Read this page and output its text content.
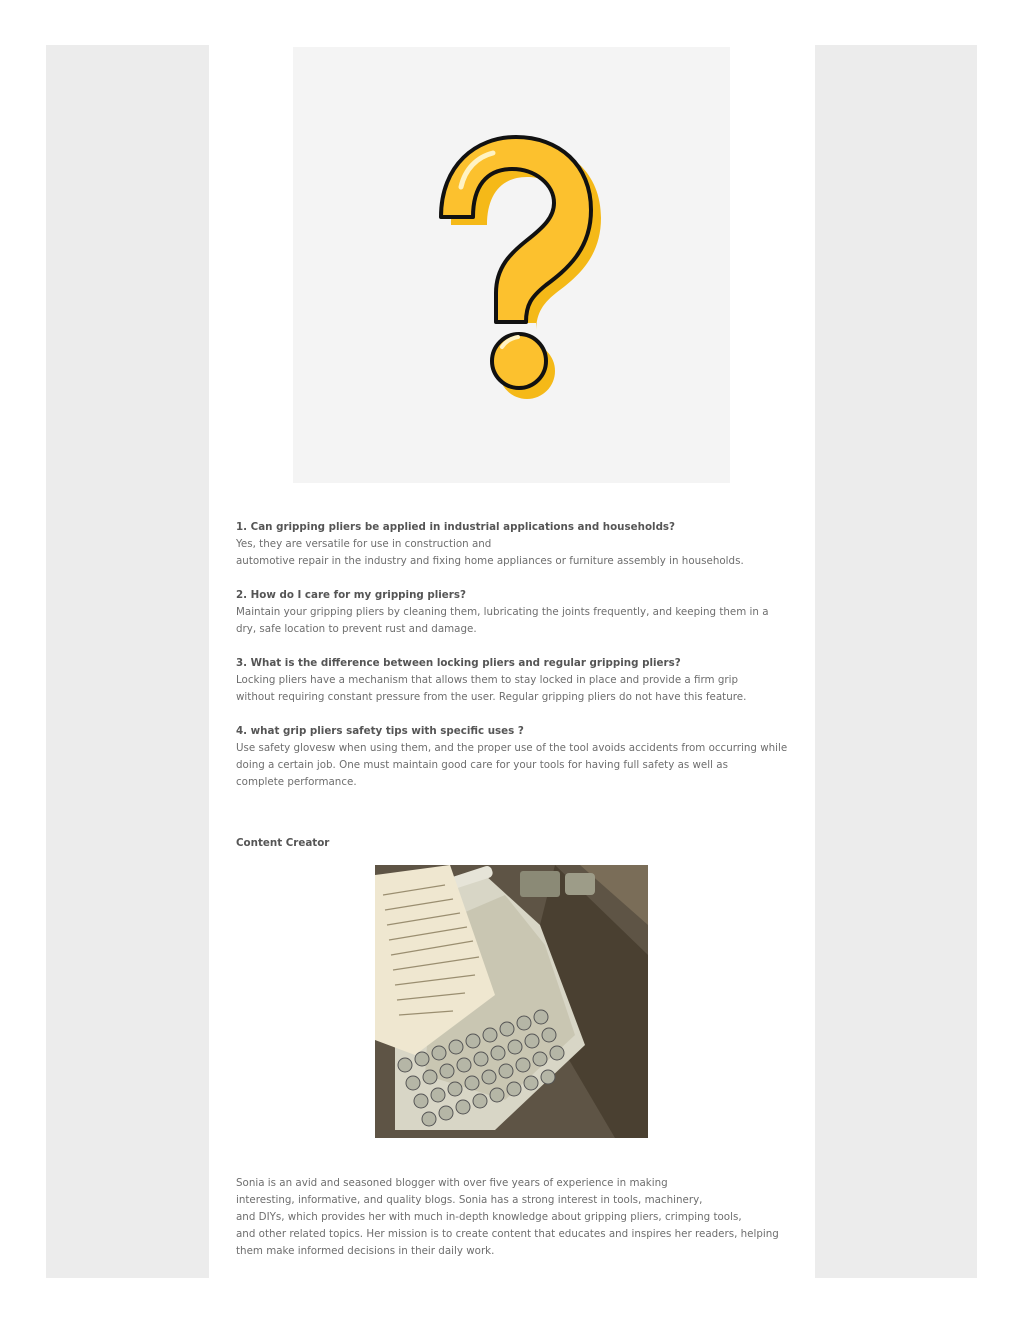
1. Can gripping pliers be applied in industrial applications and households?
Yes, they are versatile for use in construction and
automotive repair in the industry and fixing home appliances or furniture assembly in households.
2. How do I care for my gripping pliers?
Maintain your gripping pliers by cleaning them, lubricating the joints frequently, and keeping them in a
dry, safe location to prevent rust and damage.
3. What is the difference between locking pliers and regular gripping pliers?
Locking pliers have a mechanism that allows them to stay locked in place and provide a firm grip
without requiring constant pressure from the user. Regular gripping pliers do not have this feature.
4. what grip pliers safety tips with specific uses ?
Use safety glovesw when using them, and the proper use of the tool avoids accidents from occurring while
doing a certain job. One must maintain good care for your tools for having full safety as well as
complete performance.
Content Creator
Sonia is an avid and seasoned blogger with over five years of experience in making
interesting, informative, and quality blogs. Sonia has a strong interest in tools, machinery,
and DIYs, which provides her with much in-depth knowledge about gripping pliers, crimping tools,
and other related topics. Her mission is to create content that educates and inspires her readers, helping
them make informed decisions in their daily work.
